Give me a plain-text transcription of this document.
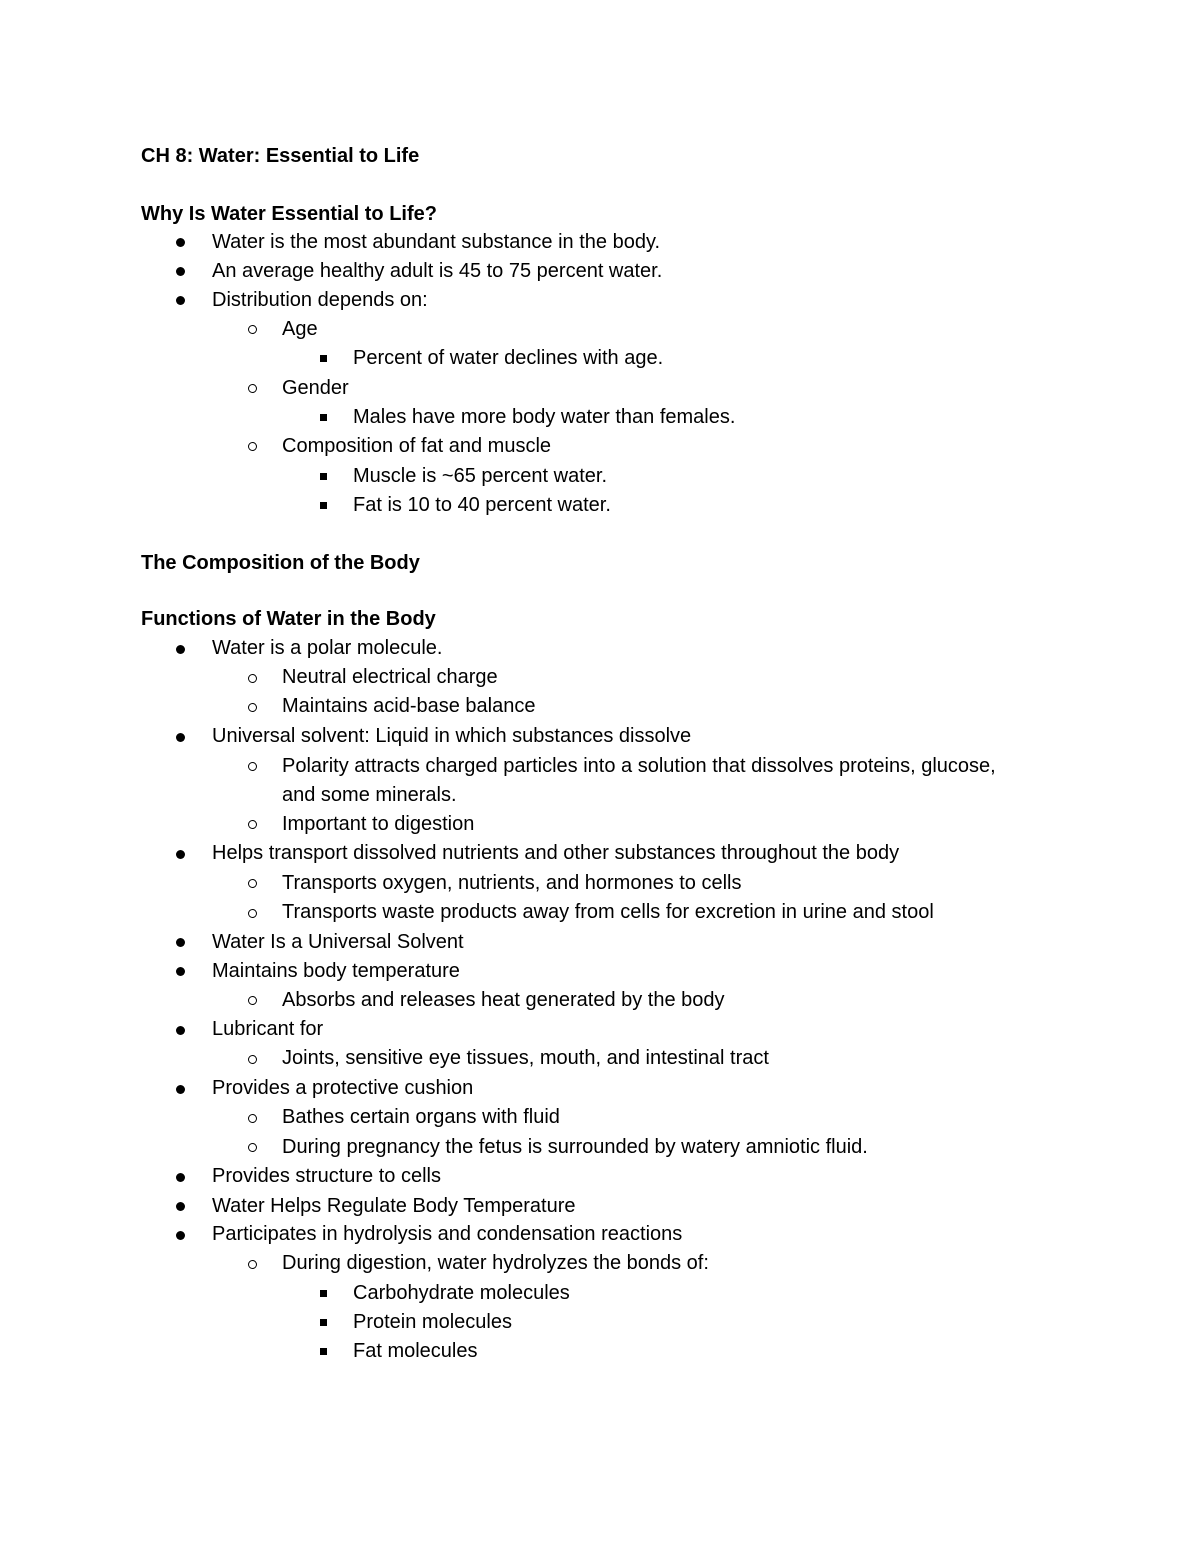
CH 8: Water: Essential to Life
Why Is Water Essential to Life?
Water is the most abundant substance in the body.
An average healthy adult is 45 to 75 percent water.
Distribution depends on:
Age
Percent of water declines with age.
Gender
Males have more body water than females.
Composition of fat and muscle
Muscle is ~65 percent water.
Fat is 10 to 40 percent water.
The Composition of the Body
Functions of Water in the Body
Water is a polar molecule.
Neutral electrical charge
Maintains acid-base balance
Universal solvent: Liquid in which substances dissolve
Polarity attracts charged particles into a solution that dissolves proteins, glucose,
and some minerals.
Important to digestion
Helps transport dissolved nutrients and other substances throughout the body
Transports oxygen, nutrients, and hormones to cells
Transports waste products away from cells for excretion in urine and stool
Water Is a Universal Solvent
Maintains body temperature
Absorbs and releases heat generated by the body
Lubricant for
Joints, sensitive eye tissues, mouth, and intestinal tract
Provides a protective cushion
Bathes certain organs with fluid
During pregnancy the fetus is surrounded by watery amniotic fluid.
Provides structure to cells
Water Helps Regulate Body Temperature
Participates in hydrolysis and condensation reactions
During digestion, water hydrolyzes the bonds of:
Carbohydrate molecules
Protein molecules
Fat molecules
